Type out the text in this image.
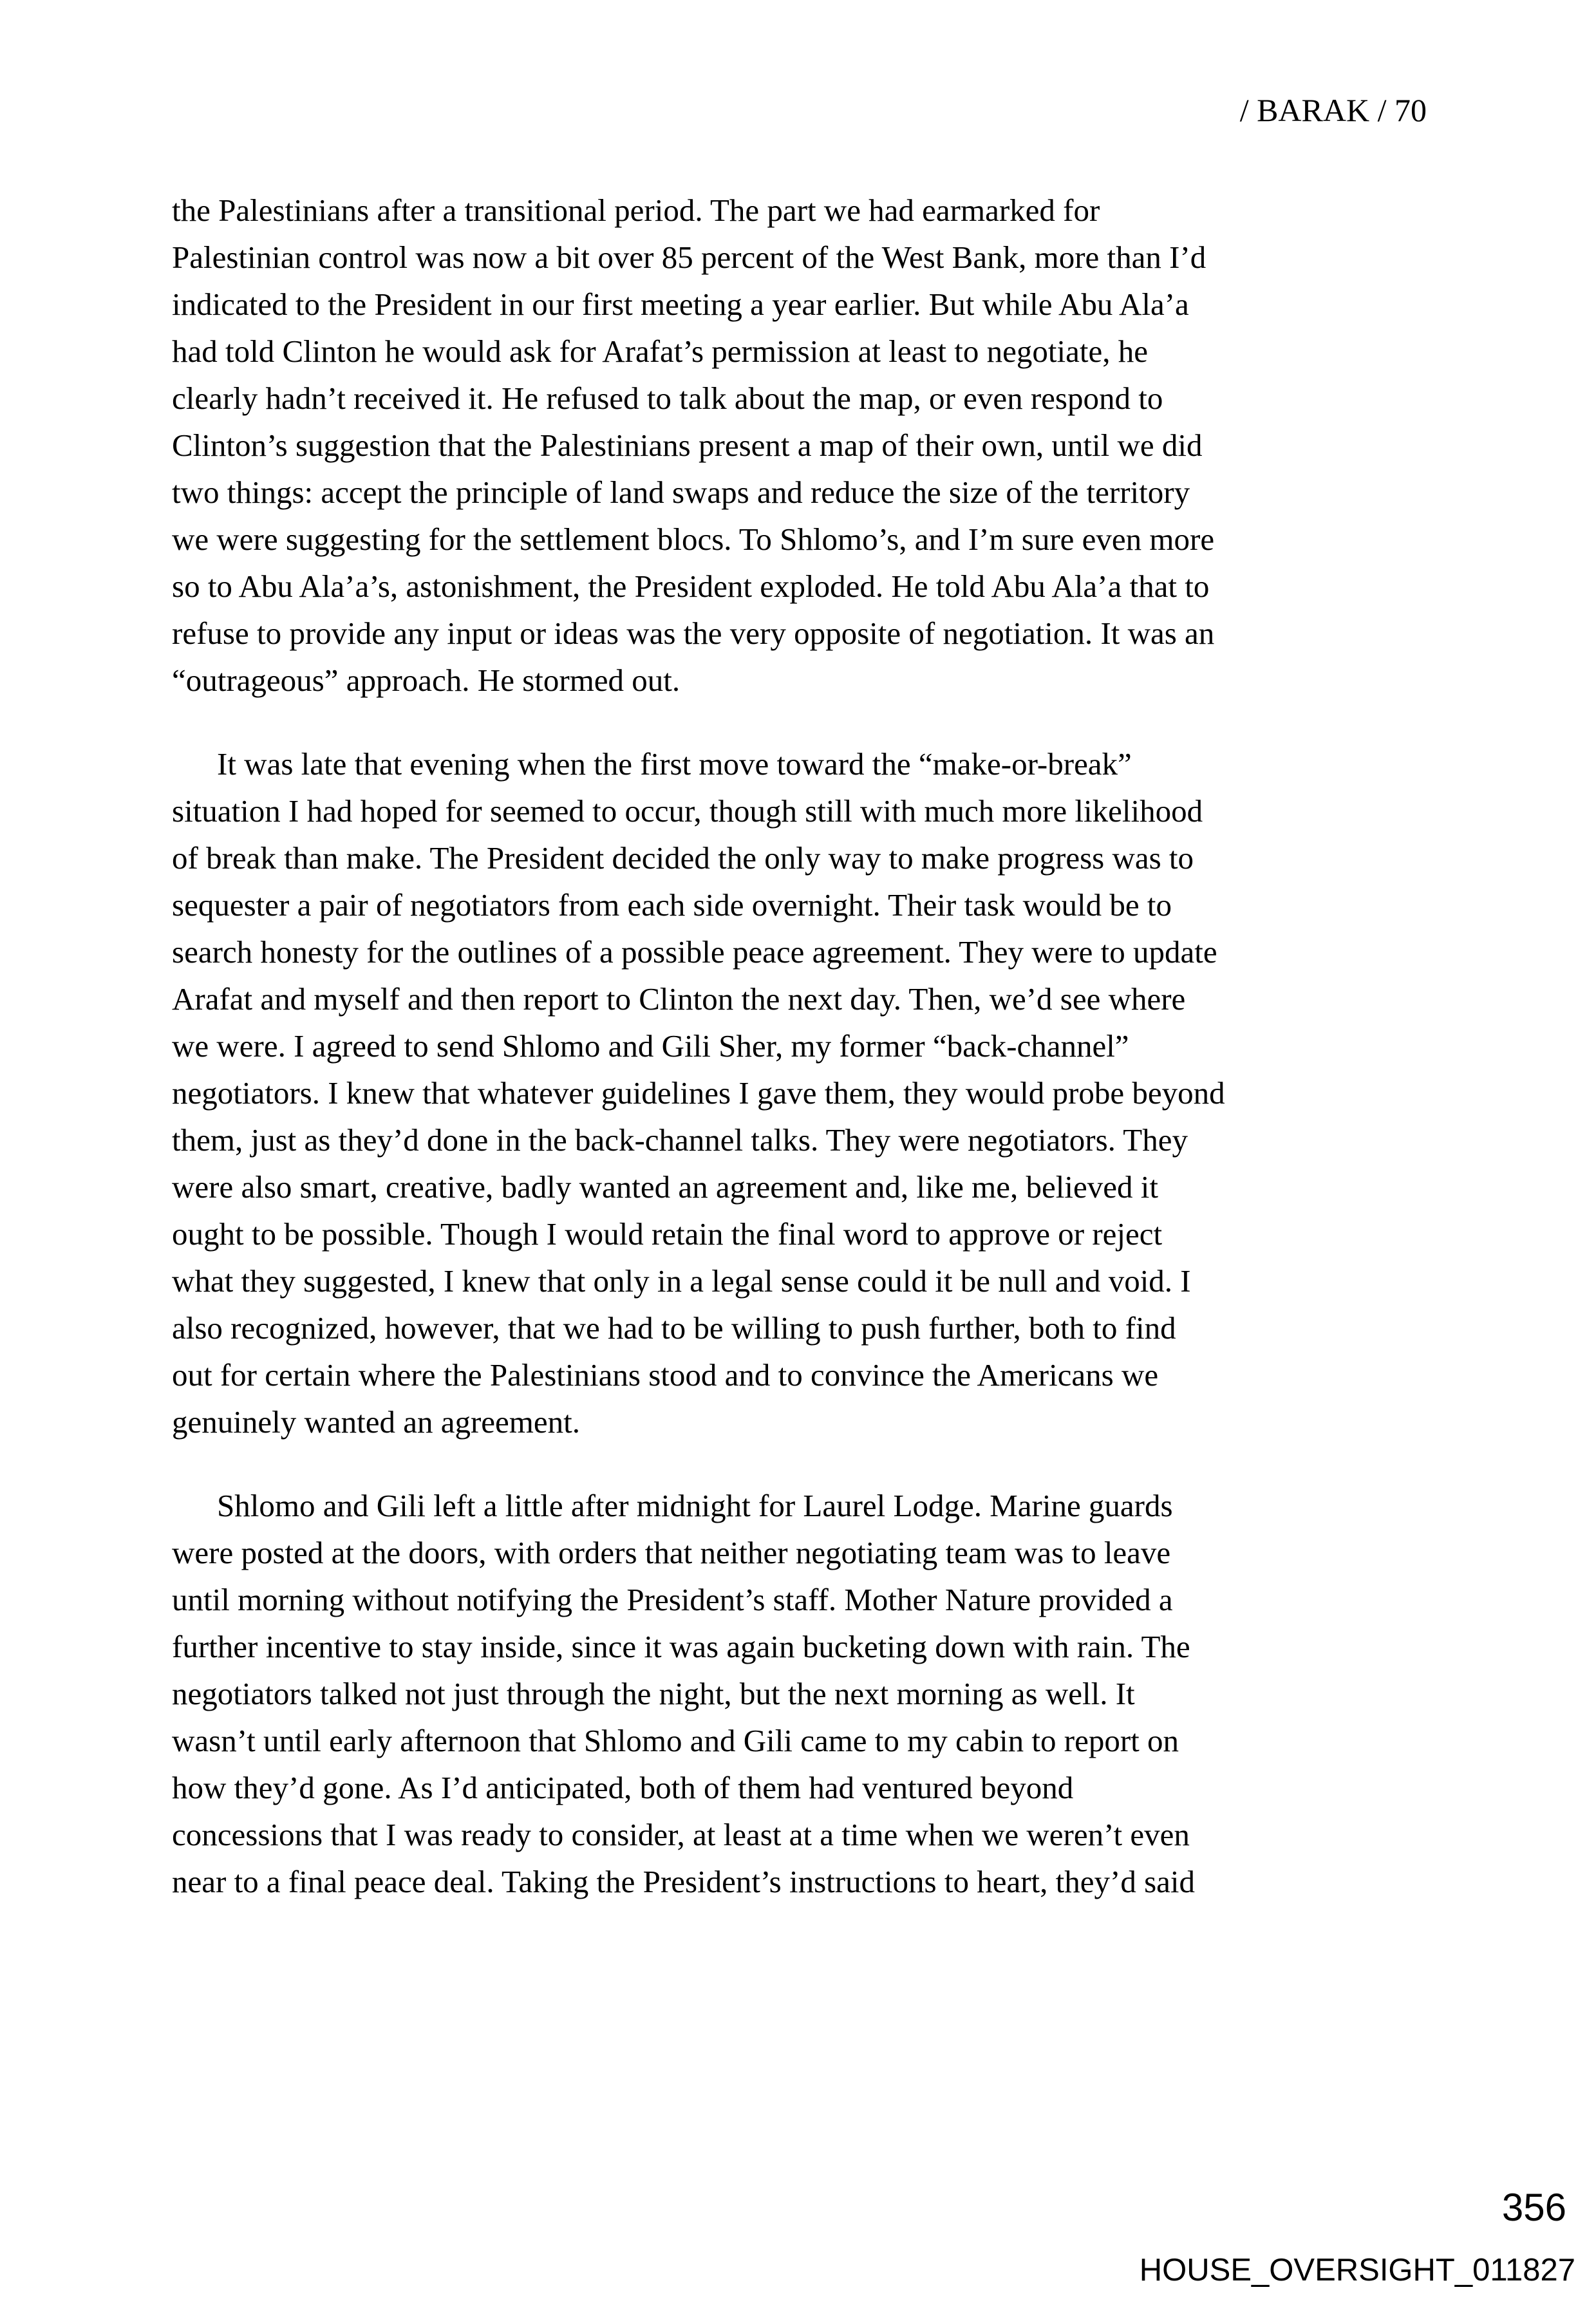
/ BARAK / 70
the Palestinians after a transitional period. The part we had earmarked for
Palestinian control was now a bit over 85 percent of the West Bank, more than I’d
indicated to the President in our first meeting a year earlier. But while Abu Ala’a
had told Clinton he would ask for Arafat’s permission at least to negotiate, he
clearly hadn’t received it. He refused to talk about the map, or even respond to
Clinton’s suggestion that the Palestinians present a map of their own, until we did
two things: accept the principle of land swaps and reduce the size of the territory
we were suggesting for the settlement blocs. To Shlomo’s, and I’m sure even more
so to Abu Ala’a’s, astonishment, the President exploded. He told Abu Ala’a that to
refuse to provide any input or ideas was the very opposite of negotiation. It was an
“outrageous” approach. He stormed out.
It was late that evening when the first move toward the “make-or-break”
situation I had hoped for seemed to occur, though still with much more likelihood
of break than make. The President decided the only way to make progress was to
sequester a pair of negotiators from each side overnight. Their task would be to
search honesty for the outlines of a possible peace agreement. They were to update
Arafat and myself and then report to Clinton the next day. Then, we’d see where
we were. I agreed to send Shlomo and Gili Sher, my former “back-channel”
negotiators. I knew that whatever guidelines I gave them, they would probe beyond
them, just as they’d done in the back-channel talks. They were negotiators. They
were also smart, creative, badly wanted an agreement and, like me, believed it
ought to be possible. Though I would retain the final word to approve or reject
what they suggested, I knew that only in a legal sense could it be null and void. I
also recognized, however, that we had to be willing to push further, both to find
out for certain where the Palestinians stood and to convince the Americans we
genuinely wanted an agreement.
Shlomo and Gili left a little after midnight for Laurel Lodge. Marine guards
were posted at the doors, with orders that neither negotiating team was to leave
until morning without notifying the President’s staff. Mother Nature provided a
further incentive to stay inside, since it was again bucketing down with rain. The
negotiators talked not just through the night, but the next morning as well. It
wasn’t until early afternoon that Shlomo and Gili came to my cabin to report on
how they’d gone. As I’d anticipated, both of them had ventured beyond
concessions that I was ready to consider, at least at a time when we weren’t even
near to a final peace deal. Taking the President’s instructions to heart, they’d said
356
HOUSE_OVERSIGHT_011827
